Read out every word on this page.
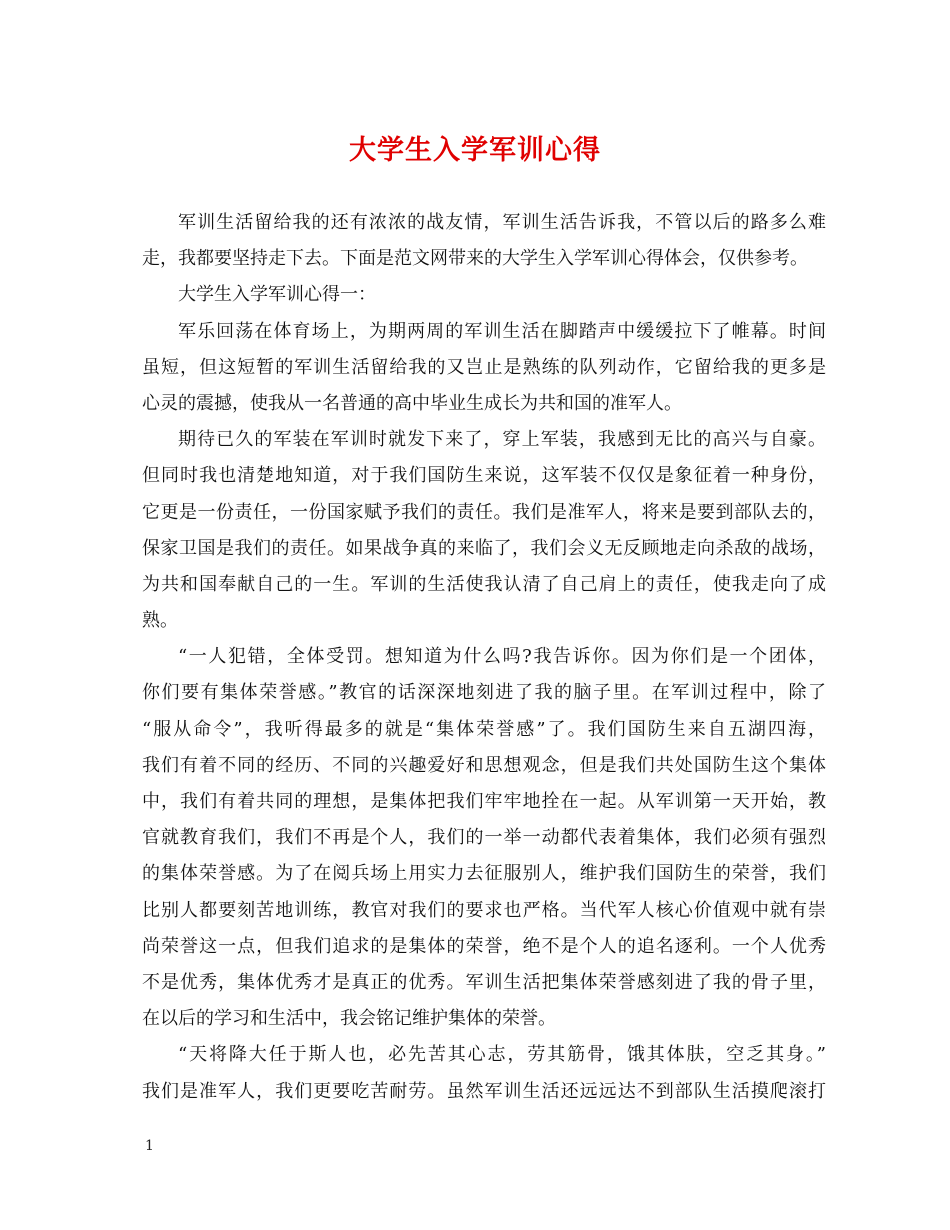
大学生入学军训心得
军训生活留给我的还有浓浓的战友情，军训生活告诉我，不管以后的路多么难
走，我都要坚持走下去。下面是范文网带来的大学生入学军训心得体会，仅供参考。
大学生入学军训心得一：
军乐回荡在体育场上，为期两周的军训生活在脚踏声中缓缓拉下了帷幕。时间
虽短，但这短暂的军训生活留给我的又岂止是熟练的队列动作，它留给我的更多是
心灵的震撼，使我从一名普通的高中毕业生成长为共和国的准军人。
期待已久的军装在军训时就发下来了，穿上军装，我感到无比的高兴与自豪。
但同时我也清楚地知道，对于我们国防生来说，这军装不仅仅是象征着一种身份，
它更是一份责任，一份国家赋予我们的责任。我们是准军人，将来是要到部队去的，
保家卫国是我们的责任。如果战争真的来临了，我们会义无反顾地走向杀敌的战场，
为共和国奉献自己的一生。军训的生活使我认清了自己肩上的责任，使我走向了成
熟。
“一人犯错，全体受罚。想知道为什么吗?我告诉你。因为你们是一个团体，
你们要有集体荣誉感。”教官的话深深地刻进了我的脑子里。在军训过程中，除了
“服从命令”，我听得最多的就是“集体荣誉感”了。我们国防生来自五湖四海，
我们有着不同的经历、不同的兴趣爱好和思想观念，但是我们共处国防生这个集体
中，我们有着共同的理想，是集体把我们牢牢地拴在一起。从军训第一天开始，教
官就教育我们，我们不再是个人，我们的一举一动都代表着集体，我们必须有强烈
的集体荣誉感。为了在阅兵场上用实力去征服别人，维护我们国防生的荣誉，我们
比别人都要刻苦地训练，教官对我们的要求也严格。当代军人核心价值观中就有崇
尚荣誉这一点，但我们追求的是集体的荣誉，绝不是个人的追名逐利。一个人优秀
不是优秀，集体优秀才是真正的优秀。军训生活把集体荣誉感刻进了我的骨子里，
在以后的学习和生活中，我会铭记维护集体的荣誉。
“天将降大任于斯人也，必先苦其心志，劳其筋骨，饿其体肤，空乏其身。”
我们是准军人，我们更要吃苦耐劳。虽然军训生活还远远达不到部队生活摸爬滚打
1
